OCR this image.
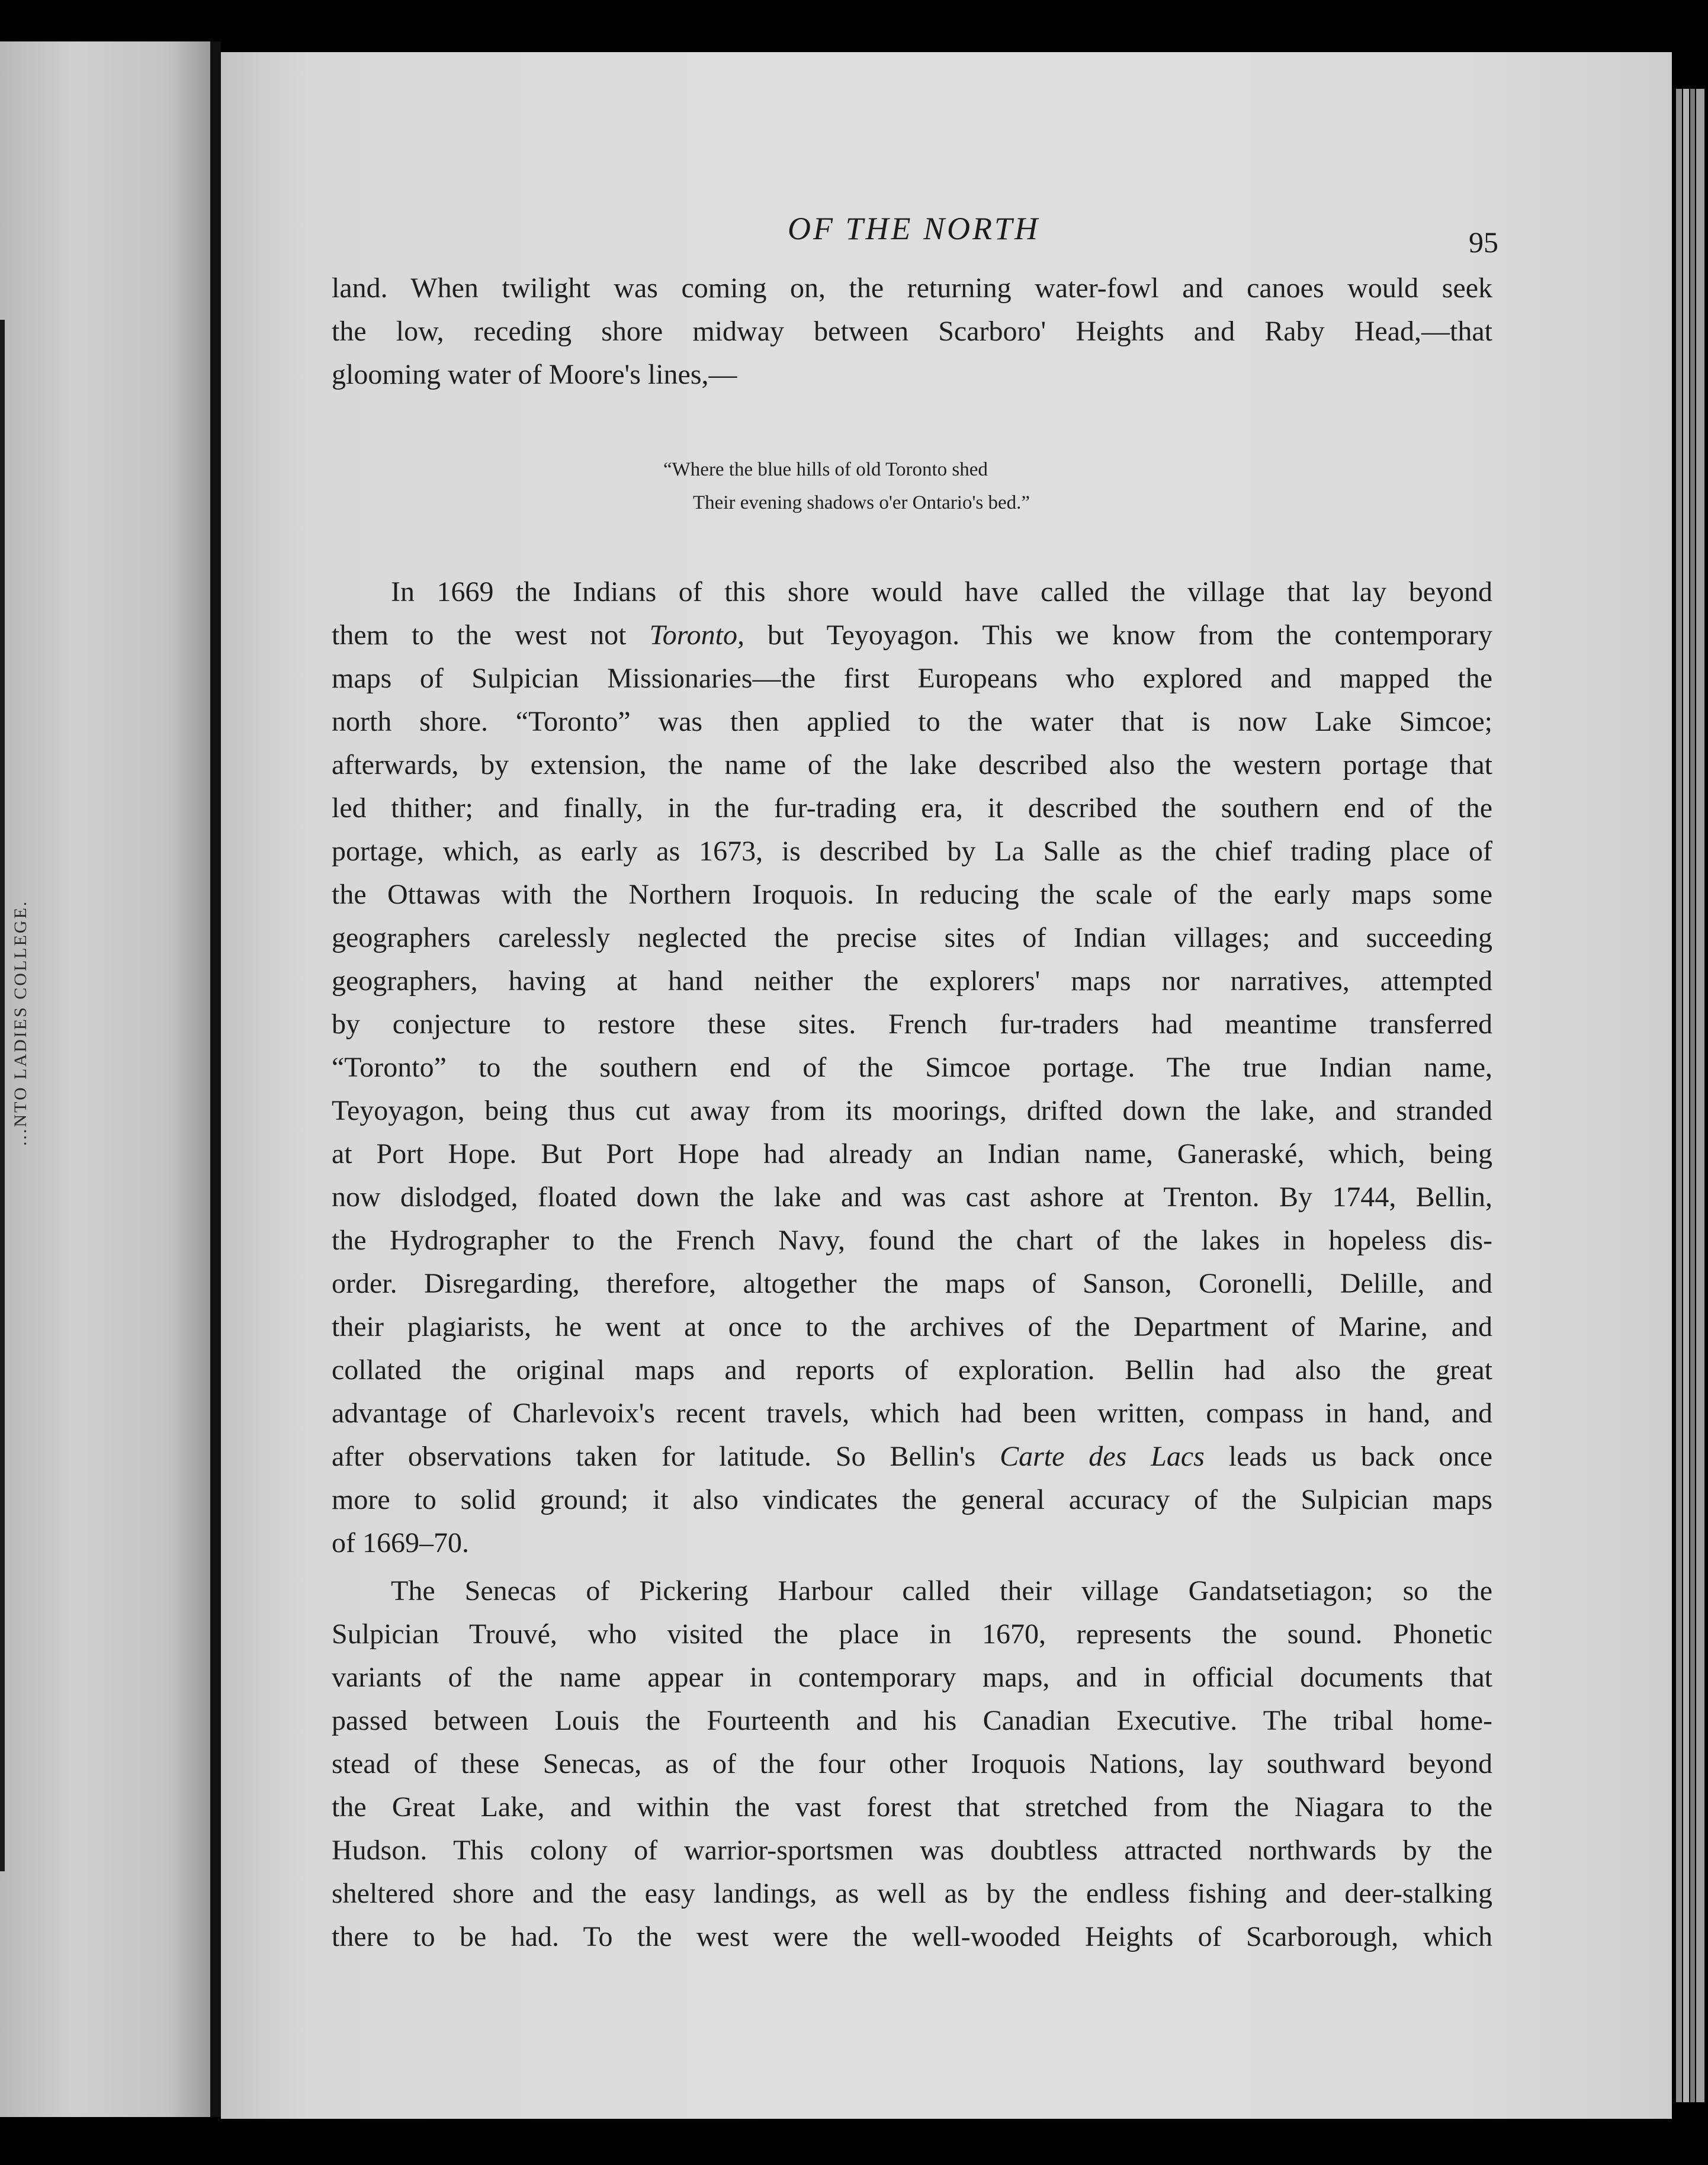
...NTO LADIES COLLEGE.
OF THE NORTH	95
land. When twilight was coming on, the returning water-fowl and canoes would seek
the low, receding shore midway between Scarboro' Heights and Raby Head,—that
glooming water of Moore's lines,—
“Where the blue hills of old Toronto shed
Their evening shadows o'er Ontario's bed.”
In 1669 the Indians of this shore would have called the village that lay beyond
them to the west not Toronto, but Teyoyagon. This we know from the contemporary
maps of Sulpician Missionaries—the first Europeans who explored and mapped the
north shore. “Toronto” was then applied to the water that is now Lake Simcoe;
afterwards, by extension, the name of the lake described also the western portage that
led thither; and finally, in the fur-trading era, it described the southern end of the
portage, which, as early as 1673, is described by La Salle as the chief trading place of
the Ottawas with the Northern Iroquois. In reducing the scale of the early maps some
geographers carelessly neglected the precise sites of Indian villages; and succeeding
geographers, having at hand neither the explorers' maps nor narratives, attempted
by conjecture to restore these sites. French fur-traders had meantime transferred
“Toronto” to the southern end of the Simcoe portage. The true Indian name,
Teyoyagon, being thus cut away from its moorings, drifted down the lake, and stranded
at Port Hope. But Port Hope had already an Indian name, Ganeraské, which, being
now dislodged, floated down the lake and was cast ashore at Trenton. By 1744, Bellin,
the Hydrographer to the French Navy, found the chart of the lakes in hopeless dis-
order. Disregarding, therefore, altogether the maps of Sanson, Coronelli, Delille, and
their plagiarists, he went at once to the archives of the Department of Marine, and
collated the original maps and reports of exploration. Bellin had also the great
advantage of Charlevoix's recent travels, which had been written, compass in hand, and
after observations taken for latitude. So Bellin's Carte des Lacs leads us back once
more to solid ground; it also vindicates the general accuracy of the Sulpician maps
of 1669–70.
The Senecas of Pickering Harbour called their village Gandatsetiagon; so the
Sulpician Trouvé, who visited the place in 1670, represents the sound. Phonetic
variants of the name appear in contemporary maps, and in official documents that
passed between Louis the Fourteenth and his Canadian Executive. The tribal home-
stead of these Senecas, as of the four other Iroquois Nations, lay southward beyond
the Great Lake, and within the vast forest that stretched from the Niagara to the
Hudson. This colony of warrior-sportsmen was doubtless attracted northwards by the
sheltered shore and the easy landings, as well as by the endless fishing and deer-stalking
there to be had. To the west were the well-wooded Heights of Scarborough, which
